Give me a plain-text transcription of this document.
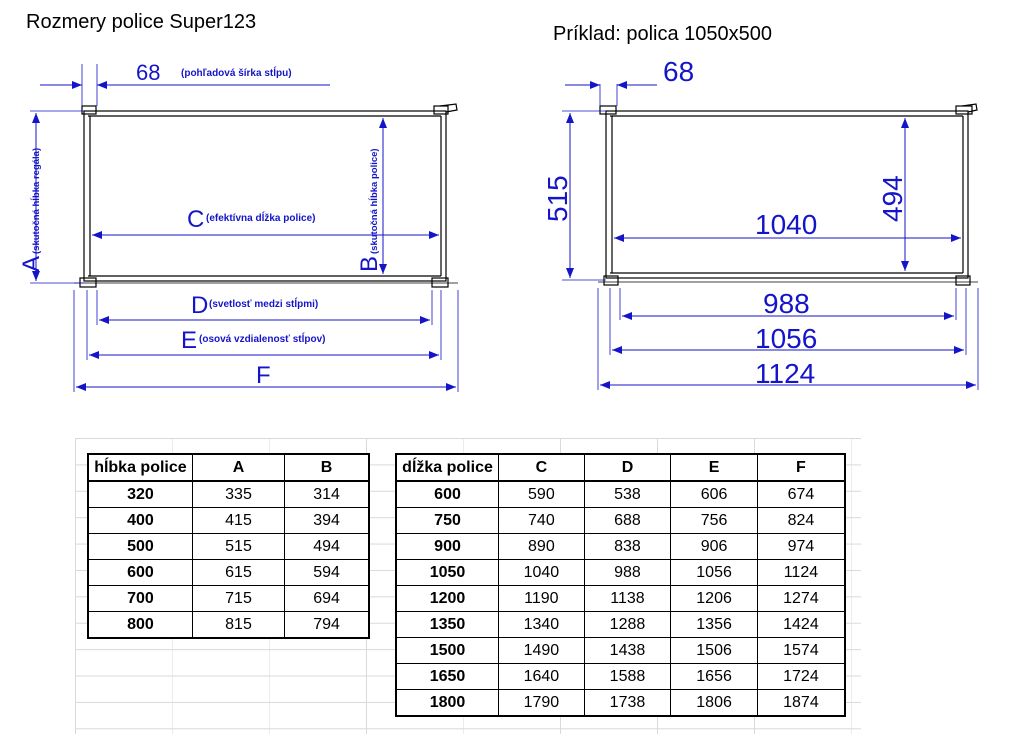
Rozmery police Super123
Príklad: polica 1050x500
68 (pohľadová šírka stĺpu)
A
(skutočná hĺbka regála)
B
(skutočná hĺbka police)
C (efektívna dĺžka police)
D (svetlosť medzi stĺpmi)
E (osová vzdialenosť stĺpov)
F
68
515	494
1040
988
1056
1124
hĺbka police	A	B
320	335	314
400	415	394
500	515	494
600	615	594
700	715	694
800	815	794
dĺžka police	C	D	E	F
600	590	538	606	674
750	740	688	756	824
900	890	838	906	974
1050	1040	988	1056	1124
1200	1190	1138	1206	1274
1350	1340	1288	1356	1424
1500	1490	1438	1506	1574
1650	1640	1588	1656	1724
1800	1790	1738	1806	1874
